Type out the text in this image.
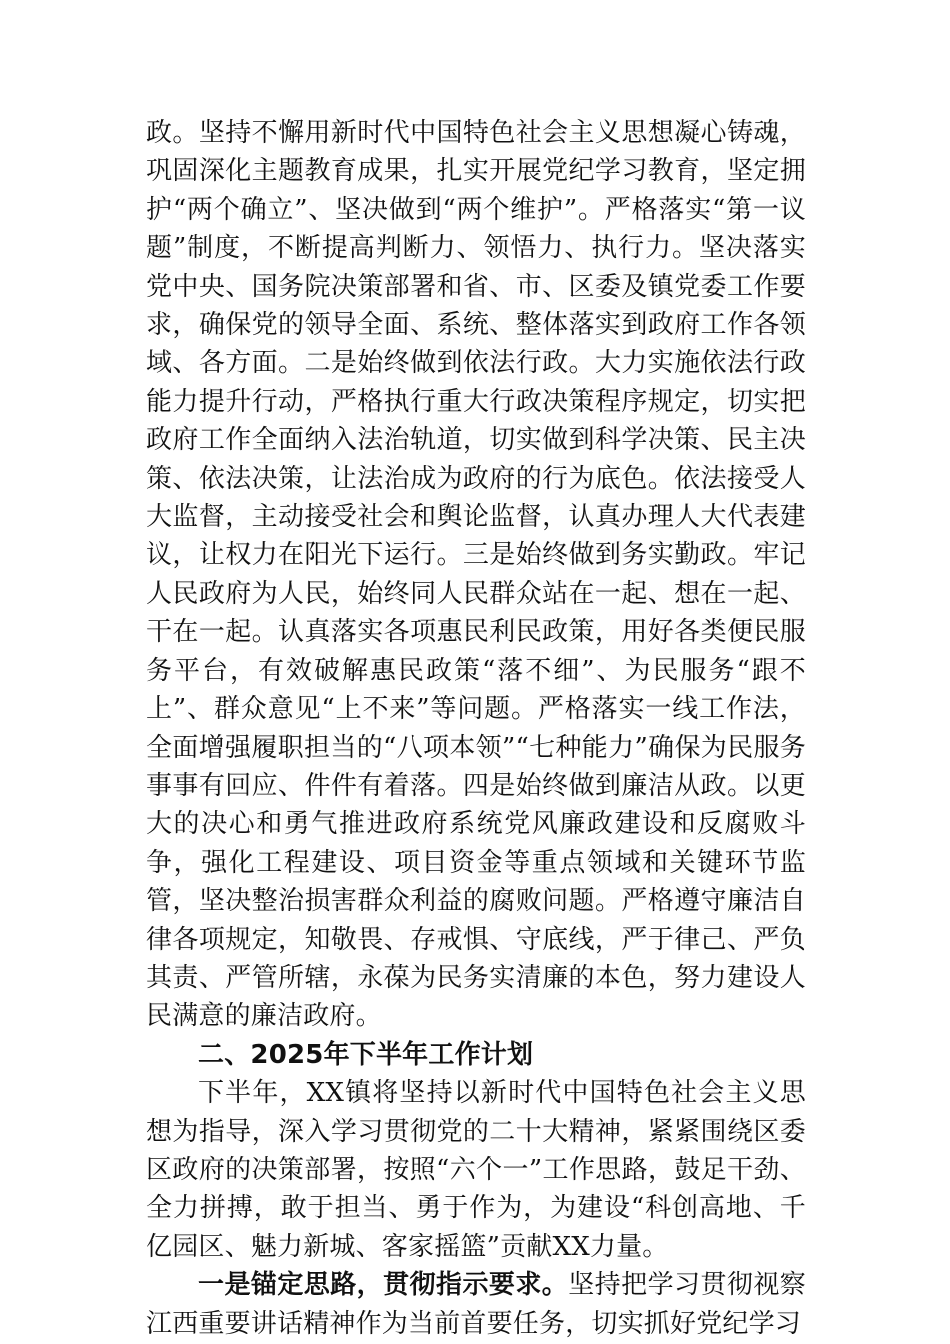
政。坚持不懈用新时代中国特色社会主义思想凝心铸魂，巩固深化主题教育成果，扎实开展党纪学习教育，坚定拥护“两个确立”、坚决做到“两个维护”。严格落实“第一议题”制度，不断提高判断力、领悟力、执行力。坚决落实党中央、国务院决策部署和省、市、区委及镇党委工作要求，确保党的领导全面、系统、整体落实到政府工作各领域、各方面。二是始终做到依法行政。大力实施依法行政能力提升行动，严格执行重大行政决策程序规定，切实把政府工作全面纳入法治轨道，切实做到科学决策、民主决策、依法决策，让法治成为政府的行为底色。依法接受人大监督，主动接受社会和舆论监督，认真办理人大代表建议，让权力在阳光下运行。三是始终做到务实勤政。牢记人民政府为人民，始终同人民群众站在一起、想在一起、干在一起。认真落实各项惠民利民政策，用好各类便民服务平台，有效破解惠民政策“落不细”、为民服务“跟不上”、群众意见“上不来”等问题。严格落实一线工作法，全面增强履职担当的“八项本领”“七种能力”确保为民服务事事有回应、件件有着落。四是始终做到廉洁从政。以更大的决心和勇气推进政府系统党风廉政建设和反腐败斗争，强化工程建设、项目资金等重点领域和关键环节监管，坚决整治损害群众利益的腐败问题。严格遵守廉洁自律各项规定，知敬畏、存戒惧、守底线，严于律己、严负其责、严管所辖，永葆为民务实清廉的本色，努力建设人民满意的廉洁政府。

二、2025年下半年工作计划

下半年，XX镇将坚持以新时代中国特色社会主义思想为指导，深入学习贯彻党的二十大精神，紧紧围绕区委区政府的决策部署，按照“六个一”工作思路，鼓足干劲、全力拼搏，敢于担当、勇于作为，为建设“科创高地、千亿园区、魅力新城、客家摇篮”贡献XX力量。

一是锚定思路，贯彻指示要求。坚持把学习贯彻视察江西重要讲话精神作为当前首要任务，切实抓好党纪学习
